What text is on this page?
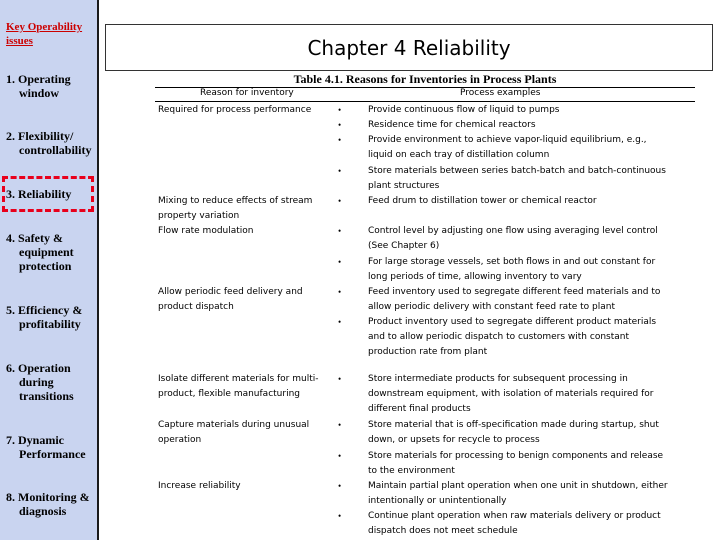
Key Operability issues
1. Operating
window
2. Flexibility/
controllability
3. Reliability
4. Safety &
equipment protection
5. Efficiency &
profitability
6. Operation
during transitions
7. Dynamic
Performance
8. Monitoring &
diagnosis
Chapter 4 Reliability
Table 4.1. Reasons for Inventories in Process Plants
Reason for inventory	Process examples
Required for process performance
Mixing to reduce effects of stream property variation
Flow rate modulation
Allow periodic feed delivery and product dispatch
Isolate different materials for multi-product, flexible manufacturing
Capture materials during unusual operation
Increase reliability
•
•
•
•
•
•
•
•
•
•
•
•
•
•
Provide continuous flow of liquid to pumps
Residence time for chemical reactors
Provide environment to achieve vapor-liquid equilibrium, e.g., liquid on each tray of distillation column
Store materials between series batch-batch and batch-continuous plant structures
Feed drum to distillation tower or chemical reactor
Control level by adjusting one flow using averaging level control (See Chapter 6)
For large storage vessels, set both flows in and out constant for long periods of time, allowing inventory to vary
Feed inventory used to segregate different feed materials and to allow periodic delivery with constant feed rate to plant
Product inventory used to segregate different product materials and to allow periodic dispatch to customers with constant production rate from plant
Store intermediate products for subsequent processing in downstream equipment, with isolation of materials required for different final products
Store material that is off-specification made during startup, shut down, or upsets for recycle to process
Store materials for processing to benign components and release to the environment
Maintain partial plant operation when one unit in shutdown, either intentionally or unintentionally
Continue plant operation when raw materials delivery or product dispatch does not meet schedule
